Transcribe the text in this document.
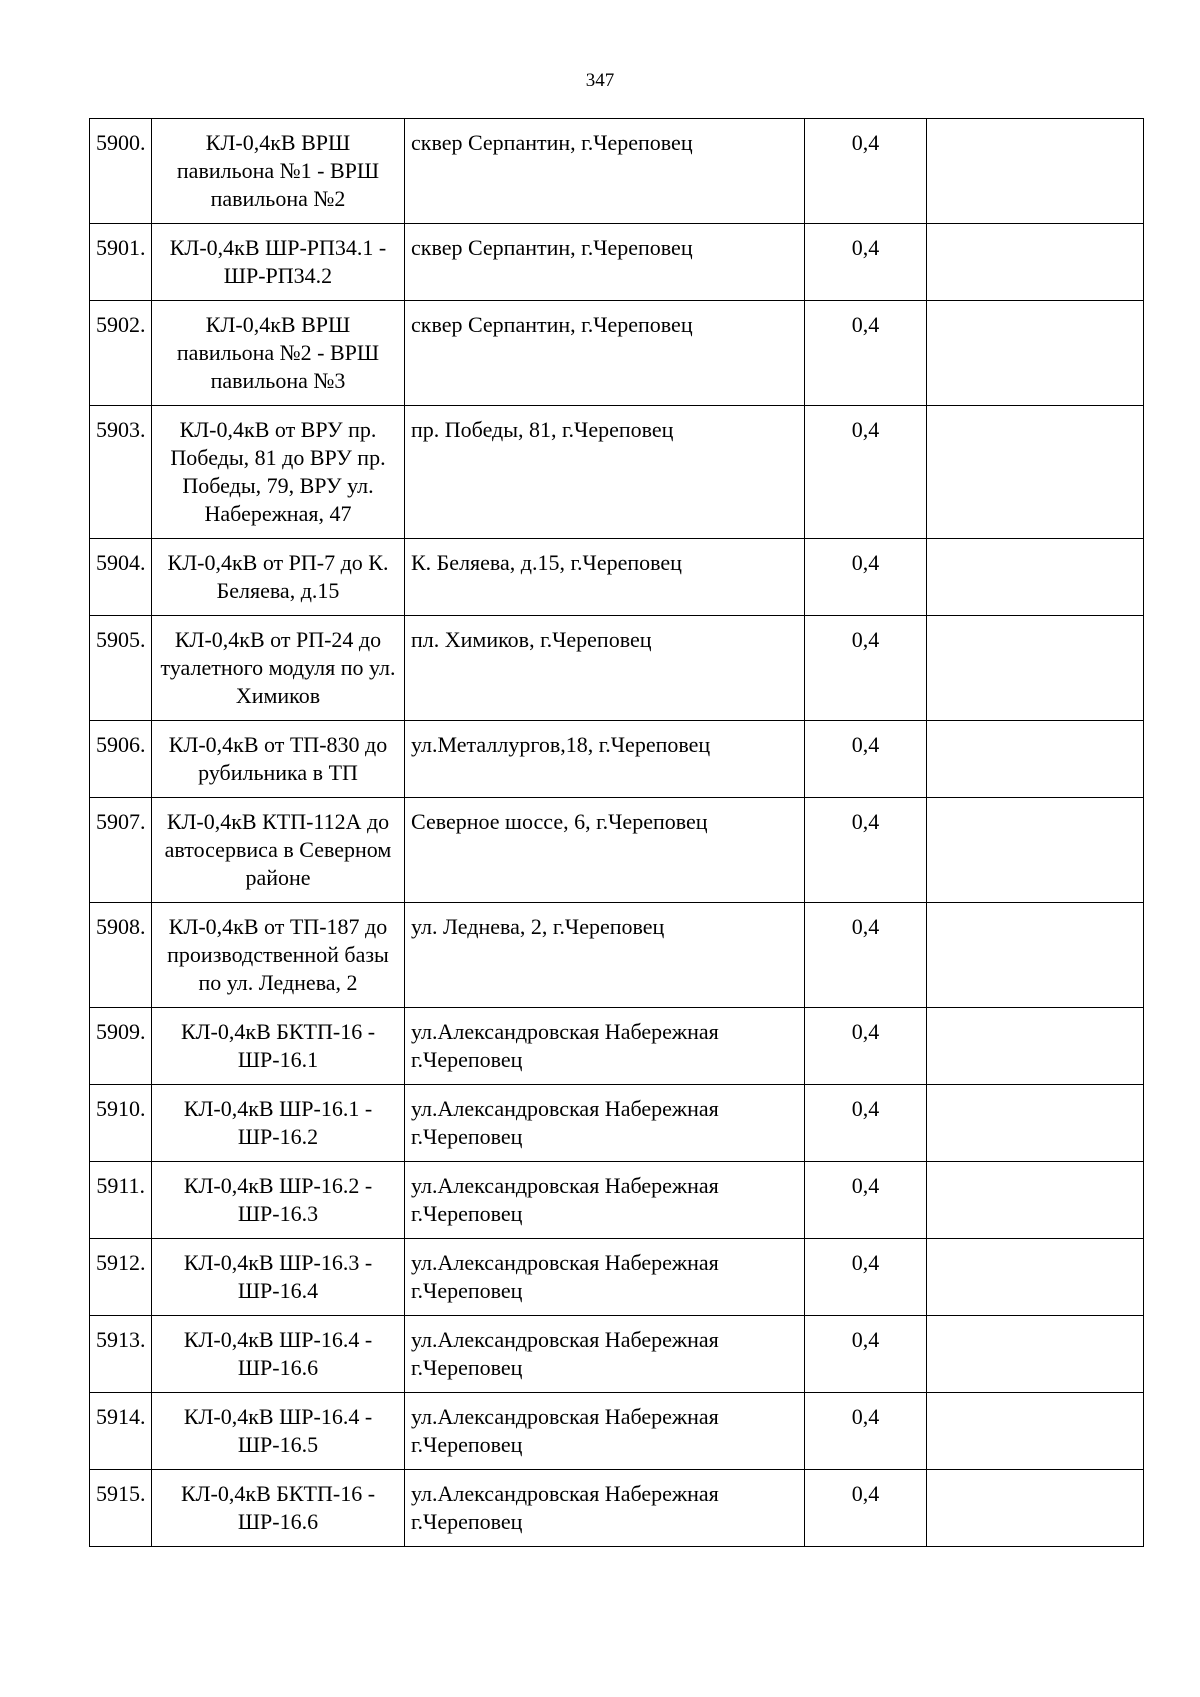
347
5900.	КЛ-0,4кВ ВРШ павильона №1 - ВРШ павильона №2	сквер Серпантин, г.Череповец	0,4	
5901.	КЛ-0,4кВ ШР-РП34.1 - ШР-РП34.2	сквер Серпантин, г.Череповец	0,4	
5902.	КЛ-0,4кВ ВРШ павильона №2 - ВРШ павильона №3	сквер Серпантин, г.Череповец	0,4	
5903.	КЛ-0,4кВ от ВРУ пр. Победы, 81 до ВРУ пр. Победы, 79, ВРУ ул. Набережная, 47	пр. Победы, 81, г.Череповец	0,4	
5904.	КЛ-0,4кВ от РП-7 до К. Беляева, д.15	К. Беляева, д.15, г.Череповец	0,4	
5905.	КЛ-0,4кВ от РП-24 до туалетного модуля по ул. Химиков	пл. Химиков, г.Череповец	0,4	
5906.	КЛ-0,4кВ от ТП-830 до рубильника в ТП	ул.Металлургов,18, г.Череповец	0,4	
5907.	КЛ-0,4кВ КТП-112А до автосервиса в Северном районе	Северное шоссе, 6, г.Череповец	0,4	
5908.	КЛ-0,4кВ от ТП-187 до производственной базы по ул. Леднева, 2	ул. Леднева, 2, г.Череповец	0,4	
5909.	КЛ-0,4кВ БКТП-16 - ШР-16.1	ул.Александровская Набережная г.Череповец	0,4	
5910.	КЛ-0,4кВ ШР-16.1 - ШР-16.2	ул.Александровская Набережная г.Череповец	0,4	
5911.	КЛ-0,4кВ ШР-16.2 - ШР-16.3	ул.Александровская Набережная г.Череповец	0,4	
5912.	КЛ-0,4кВ ШР-16.3 - ШР-16.4	ул.Александровская Набережная г.Череповец	0,4	
5913.	КЛ-0,4кВ ШР-16.4 - ШР-16.6	ул.Александровская Набережная г.Череповец	0,4	
5914.	КЛ-0,4кВ ШР-16.4 - ШР-16.5	ул.Александровская Набережная г.Череповец	0,4	
5915.	КЛ-0,4кВ БКТП-16 - ШР-16.6	ул.Александровская Набережная г.Череповец	0,4	
